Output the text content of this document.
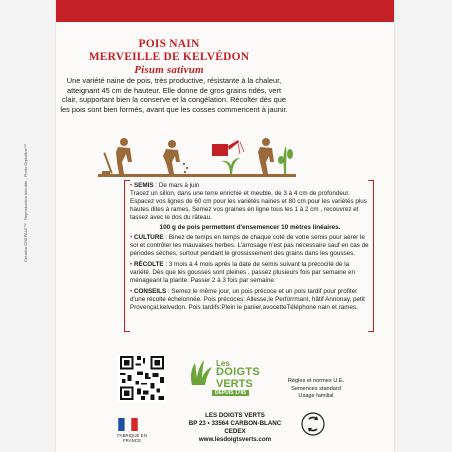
Création CREPALE™ · Reproduction interdite - Photo Orphéline™
POIS NAIN
MERVEILLE DE KELVÉDON
Pisum sativum
Une variété naine de pois, très productive, résistante à la chaleur, atteignant 45 cm de hauteur. Elle donne de gros grains ridés, vert clair, supportant bien la conserve et la congélation. Récolter dès que les pois sont bien formés, avant que les cosses commencent à jaunir.
• SEMIS : De mars à juin
Tracez un sillon, dans une terre enrichie et meuble, de 3 à 4 cm de profondeur. Espacez vos lignes de 60 cm pour les variétés naines et 80 cm pour les variétés plus hautes dites à rames. Semez vos graines en ligne tous les 1 à 2 cm , recouvrez et tassez avec le dos du râteau.
100 g de pois permettent d'ensemencer 10 mètres linéaires.
• CULTURE : Binez de temps en temps de chaque coté de votre semis pour aérer le sol et contrôler les mauvaises herbes. L'arrosage n'est pas nécessaire sauf en cas de périodes sèches, surtout pendant le grossissement des grains dans les gousses.
• RÉCOLTE : 3 mois à 4 mois après la date de semis suivant la précocité de la variété. Dès que les gousses sont pleines , passez plusieurs fois par semaine en ménageant la plante. Passer 2 à 3 fois par semaine.
• CONSEILS : Semez le même jour, un pois précoce et un pois tardif pour profiter d'une récolte échelonnée. Pois précoces: Allesse,le Perforrmant, hâtif Annonay, petit Provençal,kelvedon. Pois tardifs:Plein le panier,avocetteTéléphone nain et rames.
Les
DOIGTS
VERTS
DEPUIS 1785
Règles et normes U.E.
Semences standard
Usage familial
FABRIQUÉ EN FRANCE
LES DOIGTS VERTS
BP 23 • 33564 CARBON-BLANC CEDEX
www.lesdoigtsverts.com
